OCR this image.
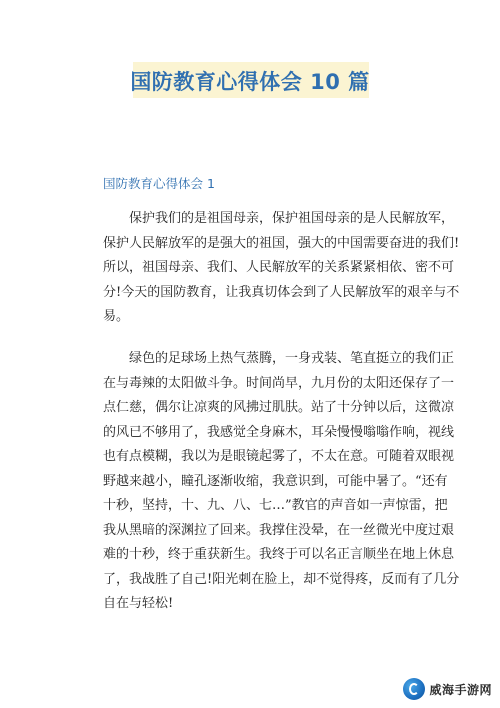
国防教育心得体会 10 篇
国防教育心得体会 1
　　保护我们的是祖国母亲，保护祖国母亲的是人民解放军，
保护人民解放军的是强大的祖国，强大的中国需要奋进的我们!
所以，祖国母亲、我们、人民解放军的关系紧紧相依、密不可
分!今天的国防教育，让我真切体会到了人民解放军的艰辛与不
易。
　　绿色的足球场上热气蒸腾，一身戎装、笔直挺立的我们正
在与毒辣的太阳做斗争。时间尚早，九月份的太阳还保存了一
点仁慈，偶尔让凉爽的风拂过肌肤。站了十分钟以后，这微凉
的风已不够用了，我感觉全身麻木，耳朵慢慢嗡嗡作响，视线
也有点模糊，我以为是眼镜起雾了，不太在意。可随着双眼视
野越来越小，瞳孔逐渐收缩，我意识到，可能中暑了。“还有
十秒，坚持，十、九、八、七…”教官的声音如一声惊雷，把
我从黑暗的深渊拉了回来。我撑住没晕，在一丝微光中度过艰
难的十秒，终于重获新生。我终于可以名正言顺坐在地上休息
了，我战胜了自己!阳光刺在脸上，却不觉得疼，反而有了几分
自在与轻松!
威海手游网
